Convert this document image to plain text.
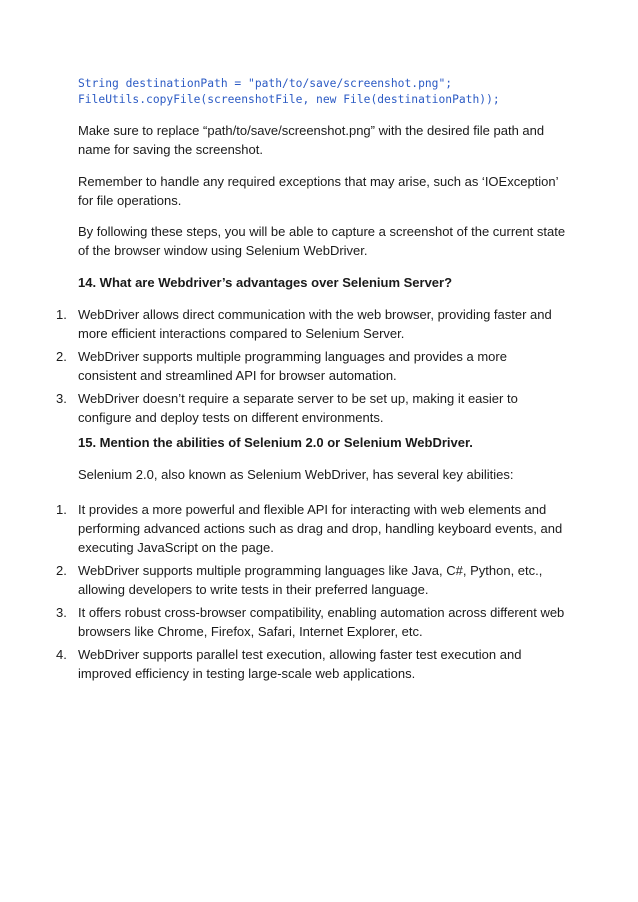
String destinationPath = "path/to/save/screenshot.png";
FileUtils.copyFile(screenshotFile, new File(destinationPath));

Make sure to replace “path/to/save/screenshot.png” with the desired file path and name for saving the screenshot.

Remember to handle any required exceptions that may arise, such as ‘IOException’ for file operations.

By following these steps, you will be able to capture a screenshot of the current state of the browser window using Selenium WebDriver.

14. What are Webdriver’s advantages over Selenium Server?
1. WebDriver allows direct communication with the web browser, providing faster and more efficient interactions compared to Selenium Server.
2. WebDriver supports multiple programming languages and provides a more consistent and streamlined API for browser automation.
3. WebDriver doesn’t require a separate server to be set up, making it easier to configure and deploy tests on different environments.
15. Mention the abilities of Selenium 2.0 or Selenium WebDriver.

Selenium 2.0, also known as Selenium WebDriver, has several key abilities:

1. It provides a more powerful and flexible API for interacting with web elements and performing advanced actions such as drag and drop, handling keyboard events, and executing JavaScript on the page.
2. WebDriver supports multiple programming languages like Java, C#, Python, etc., allowing developers to write tests in their preferred language.
3. It offers robust cross-browser compatibility, enabling automation across different web browsers like Chrome, Firefox, Safari, Internet Explorer, etc.
4. WebDriver supports parallel test execution, allowing faster test execution and improved efficiency in testing large-scale web applications.
